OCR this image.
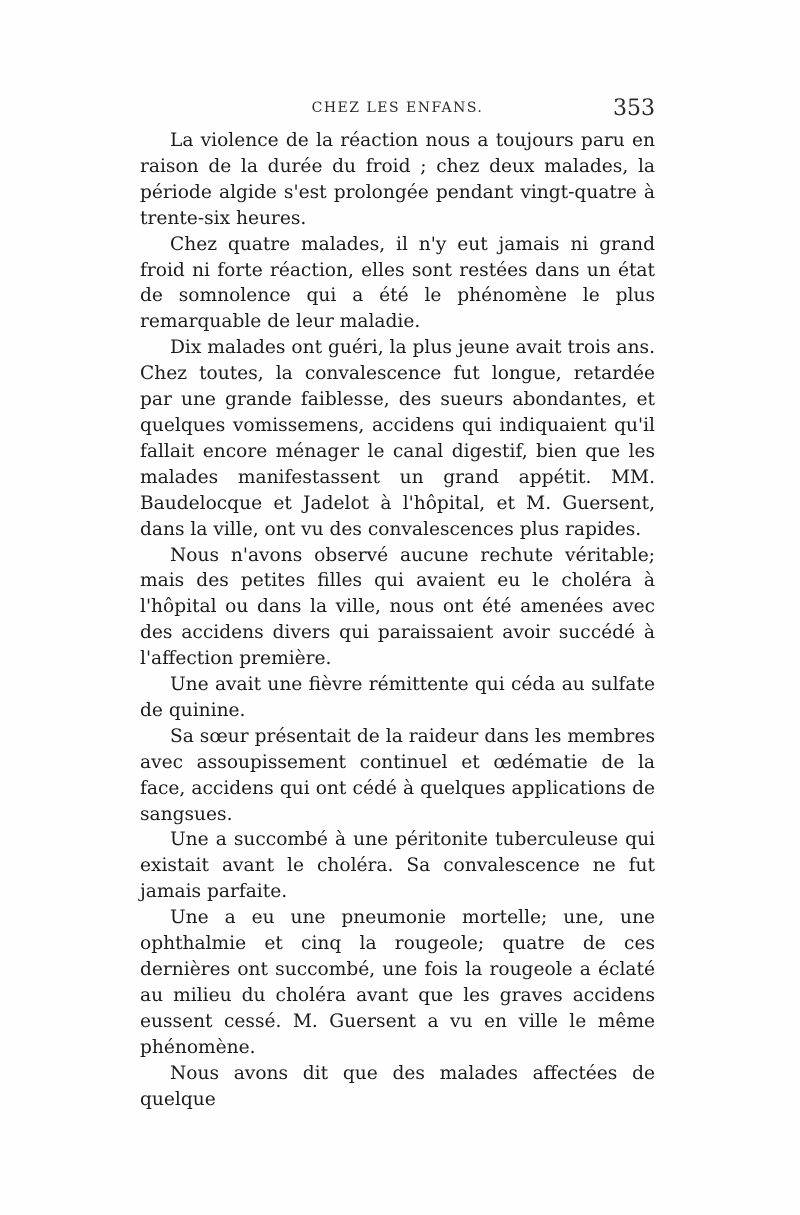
CHEZ LES ENFANS.	353

La violence de la réaction nous a toujours paru en raison de la durée du froid ; chez deux malades, la période algide s'est prolongée pendant vingt-quatre à trente-six heures.

Chez quatre malades, il n'y eut jamais ni grand froid ni forte réaction, elles sont restées dans un état de somnolence qui a été le phénomène le plus remarquable de leur maladie.

Dix malades ont guéri, la plus jeune avait trois ans. Chez toutes, la convalescence fut longue, retardée par une grande faiblesse, des sueurs abondantes, et quelques vomissemens, accidens qui indiquaient qu'il fallait encore ménager le canal digestif, bien que les malades manifestassent un grand appétit. MM. Baudelocque et Jadelot à l'hôpital, et M. Guersent, dans la ville, ont vu des convalescences plus rapides.

Nous n'avons observé aucune rechute véritable; mais des petites filles qui avaient eu le choléra à l'hôpital ou dans la ville, nous ont été amenées avec des accidens divers qui paraissaient avoir succédé à l'affection première.

Une avait une fièvre rémittente qui céda au sulfate de quinine.

Sa sœur présentait de la raideur dans les membres avec assoupissement continuel et œdématie de la face, accidens qui ont cédé à quelques applications de sangsues.

Une a succombé à une péritonite tuberculeuse qui existait avant le choléra. Sa convalescence ne fut jamais parfaite.

Une a eu une pneumonie mortelle; une, une ophthalmie et cinq la rougeole; quatre de ces dernières ont succombé, une fois la rougeole a éclaté au milieu du choléra avant que les graves accidens eussent cessé. M. Guersent a vu en ville le même phénomène.

Nous avons dit que des malades affectées de quelque
